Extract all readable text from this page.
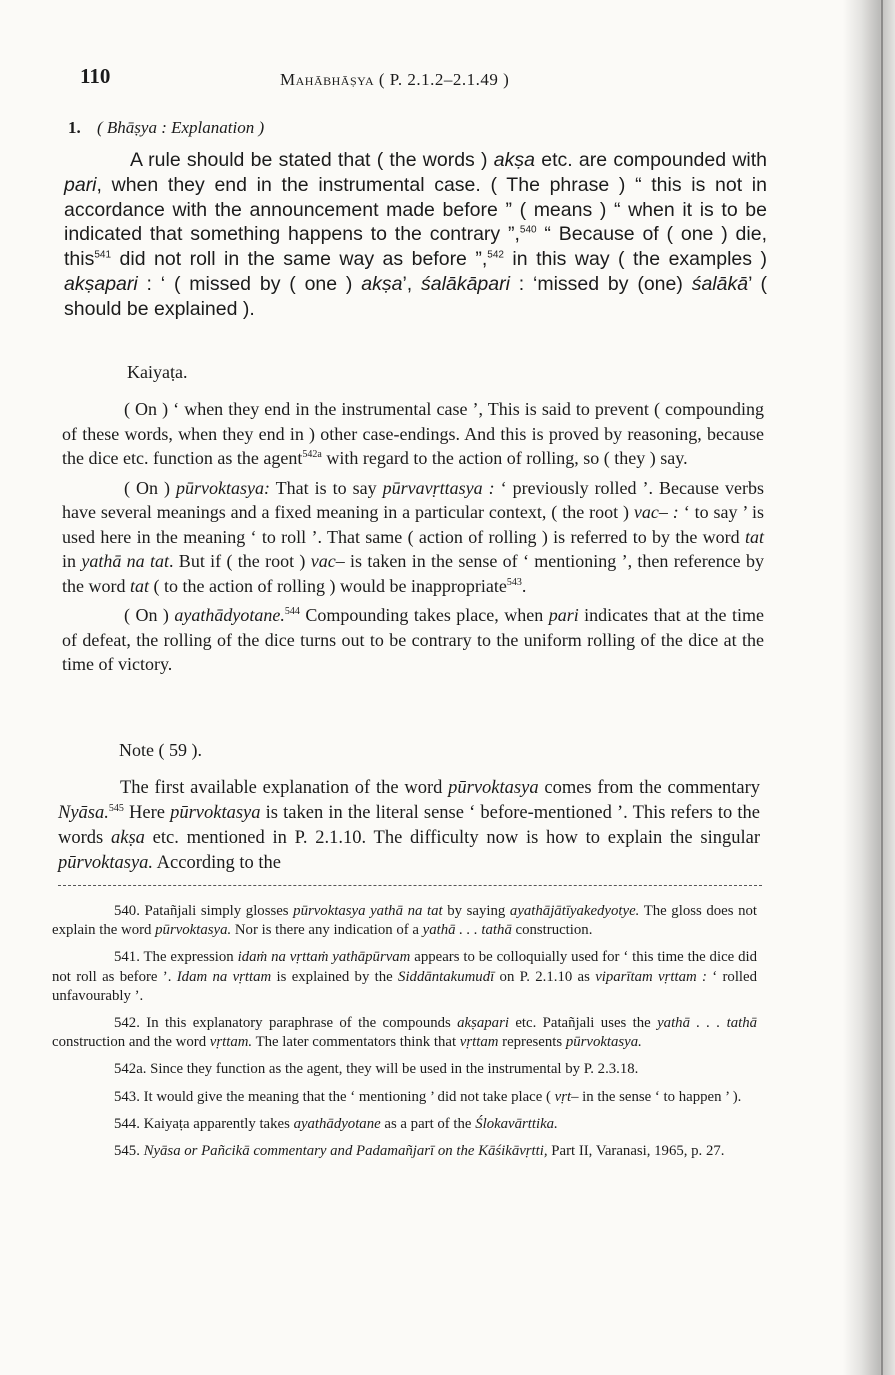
110	Mahābhāṣya ( P. 2.1.2–2.1.49 )
1. ( Bhāṣya : Explanation )

A rule should be stated that ( the words ) akṣa etc. are compounded with pari, when they end in the instrumental case. ( The phrase ) “ this is not in accordance with the announcement made before ” ( means ) “ when it is to be indicated that something happens to the contrary ”,$^{540}$ “ Because of ( one ) die, this$^{541}$ did not roll in the same way as before ”,$^{542}$ in this way ( the examples ) akṣapari : ‘ ( missed by ( one ) akṣa’, śalākāpari : ‘missed by (one) śalākā’ ( should be explained ).

Kaiyaṭa.

( On ) ‘ when they end in the instrumental case ’, This is said to prevent ( compounding of these words, when they end in ) other case-endings. And this is proved by reasoning, because the dice etc. function as the agent$^{542a}$ with regard to the action of rolling, so ( they ) say.

( On ) pūrvoktasya: That is to say pūrvavṛttasya : ‘ previously rolled ’. Because verbs have several meanings and a fixed meaning in a particular context, ( the root ) vac– : ‘ to say ’ is used here in the meaning ‘ to roll ’. That same ( action of rolling ) is referred to by the word tat in yathā na tat. But if ( the root ) vac– is taken in the sense of ‘ mentioning ’, then reference by the word tat ( to the action of rolling ) would be inappropriate$^{543}$.

( On ) ayathādyotane.$^{544}$ Compounding takes place, when pari indicates that at the time of defeat, the rolling of the dice turns out to be contrary to the uniform rolling of the dice at the time of victory.

Note ( 59 ).

The first available explanation of the word pūrvoktasya comes from the commentary Nyāsa.$^{545}$ Here pūrvoktasya is taken in the literal sense ‘ before-mentioned ’. This refers to the words akṣa etc. mentioned in P. 2.1.10. The difficulty now is how to explain the singular pūrvoktasya. According to the

540. Patañjali simply glosses pūrvoktasya yathā na tat by saying ayathājātīyakedyotye. The gloss does not explain the word pūrvoktasya. Nor is there any indication of a yathā . . . tathā construction.

541. The expression idaṁ na vṛttaṁ yathāpūrvam appears to be colloquially used for ‘ this time the dice did not roll as before ’. Idam na vṛttam is explained by the Siddāntakumudī on P. 2.1.10 as viparītam vṛttam : ‘ rolled unfavourably ’.

542. In this explanatory paraphrase of the compounds akṣapari etc. Patañjali uses the yathā . . . tathā construction and the word vṛttam. The later commentators think that vṛttam represents pūrvoktasya.

542a. Since they function as the agent, they will be used in the instrumental by P. 2.3.18.

543. It would give the meaning that the ‘ mentioning ’ did not take place ( vṛt– in the sense ‘ to happen ’ ).

544. Kaiyaṭa apparently takes ayathādyotane as a part of the Ślokavārttika.

545. Nyāsa or Pañcikā commentary and Padamañjarī on the Kāśikāvṛtti, Part II, Varanasi, 1965, p. 27.
